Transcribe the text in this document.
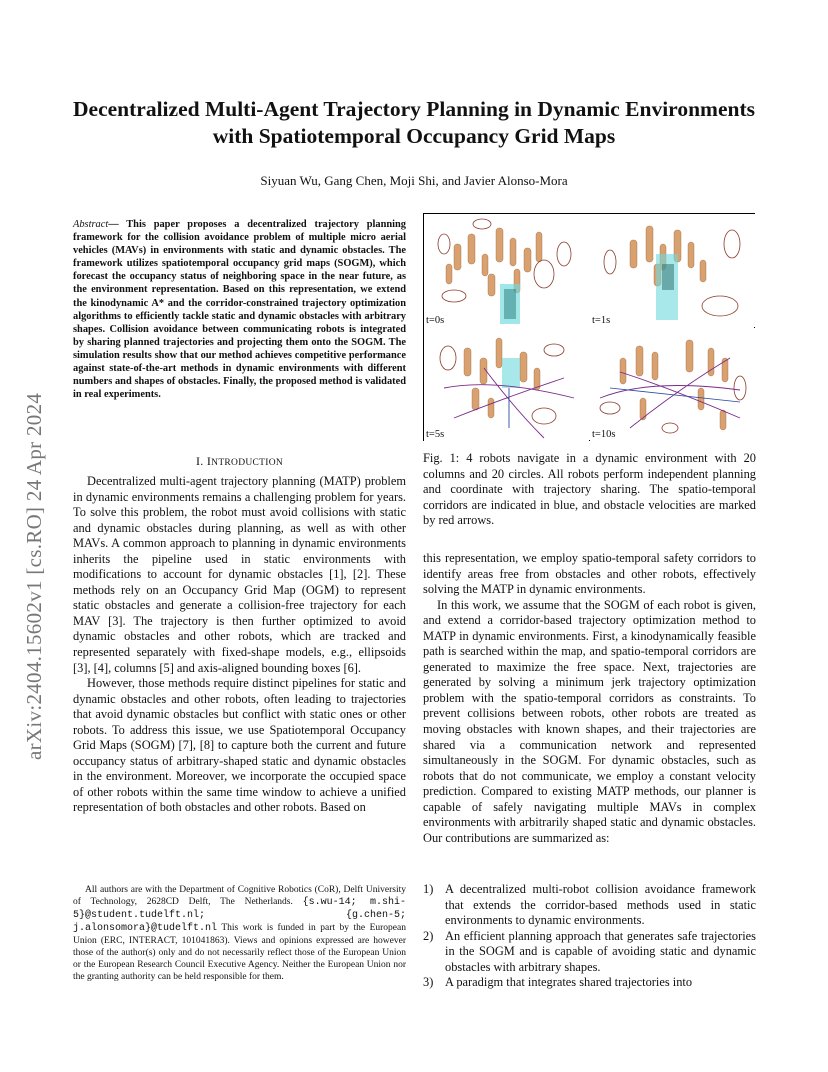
Decentralized Multi-Agent Trajectory Planning in Dynamic Environments with Spatiotemporal Occupancy Grid Maps
Siyuan Wu, Gang Chen, Moji Shi, and Javier Alonso-Mora
arXiv:2404.15602v1 [cs.RO] 24 Apr 2024
Abstract— This paper proposes a decentralized trajectory planning framework for the collision avoidance problem of multiple micro aerial vehicles (MAVs) in environments with static and dynamic obstacles. The framework utilizes spatiotemporal occupancy grid maps (SOGM), which forecast the occupancy status of neighboring space in the near future, as the environment representation. Based on this representation, we extend the kinodynamic A* and the corridor-constrained trajectory optimization algorithms to efficiently tackle static and dynamic obstacles with arbitrary shapes. Collision avoidance between communicating robots is integrated by sharing planned trajectories and projecting them onto the SOGM. The simulation results show that our method achieves competitive performance against state-of-the-art methods in dynamic environments with different numbers and shapes of obstacles. Finally, the proposed method is validated in real experiments.
I. INTRODUCTION

Decentralized multi-agent trajectory planning (MATP) problem in dynamic environments remains a challenging problem for years. To solve this problem, the robot must avoid collisions with static and dynamic obstacles during planning, as well as with other MAVs. A common approach to planning in dynamic environments inherits the pipeline used in static environments with modifications to account for dynamic obstacles [1], [2]. These methods rely on an Occupancy Grid Map (OGM) to represent static obstacles and generate a collision-free trajectory for each MAV [3]. The trajectory is then further optimized to avoid dynamic obstacles and other robots, which are tracked and represented separately with fixed-shape models, e.g., ellipsoids [3], [4], columns [5] and axis-aligned bounding boxes [6].

However, those methods require distinct pipelines for static and dynamic obstacles and other robots, often leading to trajectories that avoid dynamic obstacles but conflict with static ones or other robots. To address this issue, we use Spatiotemporal Occupancy Grid Maps (SOGM) [7], [8] to capture both the current and future occupancy status of arbitrary-shaped static and dynamic obstacles in the environment. Moreover, we incorporate the occupied space of other robots within the same time window to achieve a unified representation of both obstacles and other robots. Based on

All authors are with the Department of Cognitive Robotics (CoR), Delft University of Technology, 2628CD Delft, The Netherlands. {s.wu-14; m.shi-5}@student.tudelft.nl; {g.chen-5; j.alonsomora}@tudelft.nl This work is funded in part by the European Union (ERC, INTERACT, 101041863). Views and opinions expressed are however those of the author(s) only and do not necessarily reflect those of the European Union or the European Research Council Executive Agency. Neither the European Union nor the granting authority can be held responsible for them.

t=0s	t=1s
t=5s	t=10s
Fig. 1: 4 robots navigate in a dynamic environment with 20 columns and 20 circles. All robots perform independent planning and coordinate with trajectory sharing. The spatio-temporal corridors are indicated in blue, and obstacle velocities are marked by red arrows.

this representation, we employ spatio-temporal safety corridors to identify areas free from obstacles and other robots, effectively solving the MATP in dynamic environments.

In this work, we assume that the SOGM of each robot is given, and extend a corridor-based trajectory optimization method to MATP in dynamic environments. First, a kinodynamically feasible path is searched within the map, and spatio-temporal corridors are generated to maximize the free space. Next, trajectories are generated by solving a minimum jerk trajectory optimization problem with the spatio-temporal corridors as constraints. To prevent collisions between robots, other robots are treated as moving obstacles with known shapes, and their trajectories are shared via a communication network and represented simultaneously in the SOGM. For dynamic obstacles, such as robots that do not communicate, we employ a constant velocity prediction. Compared to existing MATP methods, our planner is capable of safely navigating multiple MAVs in complex environments with arbitrarily shaped static and dynamic obstacles. Our contributions are summarized as:

1) A decentralized multi-robot collision avoidance framework that extends the corridor-based methods used in static environments to dynamic environments.
2) An efficient planning approach that generates safe trajectories in the SOGM and is capable of avoiding static and dynamic obstacles with arbitrary shapes.
3) A paradigm that integrates shared trajectories into
